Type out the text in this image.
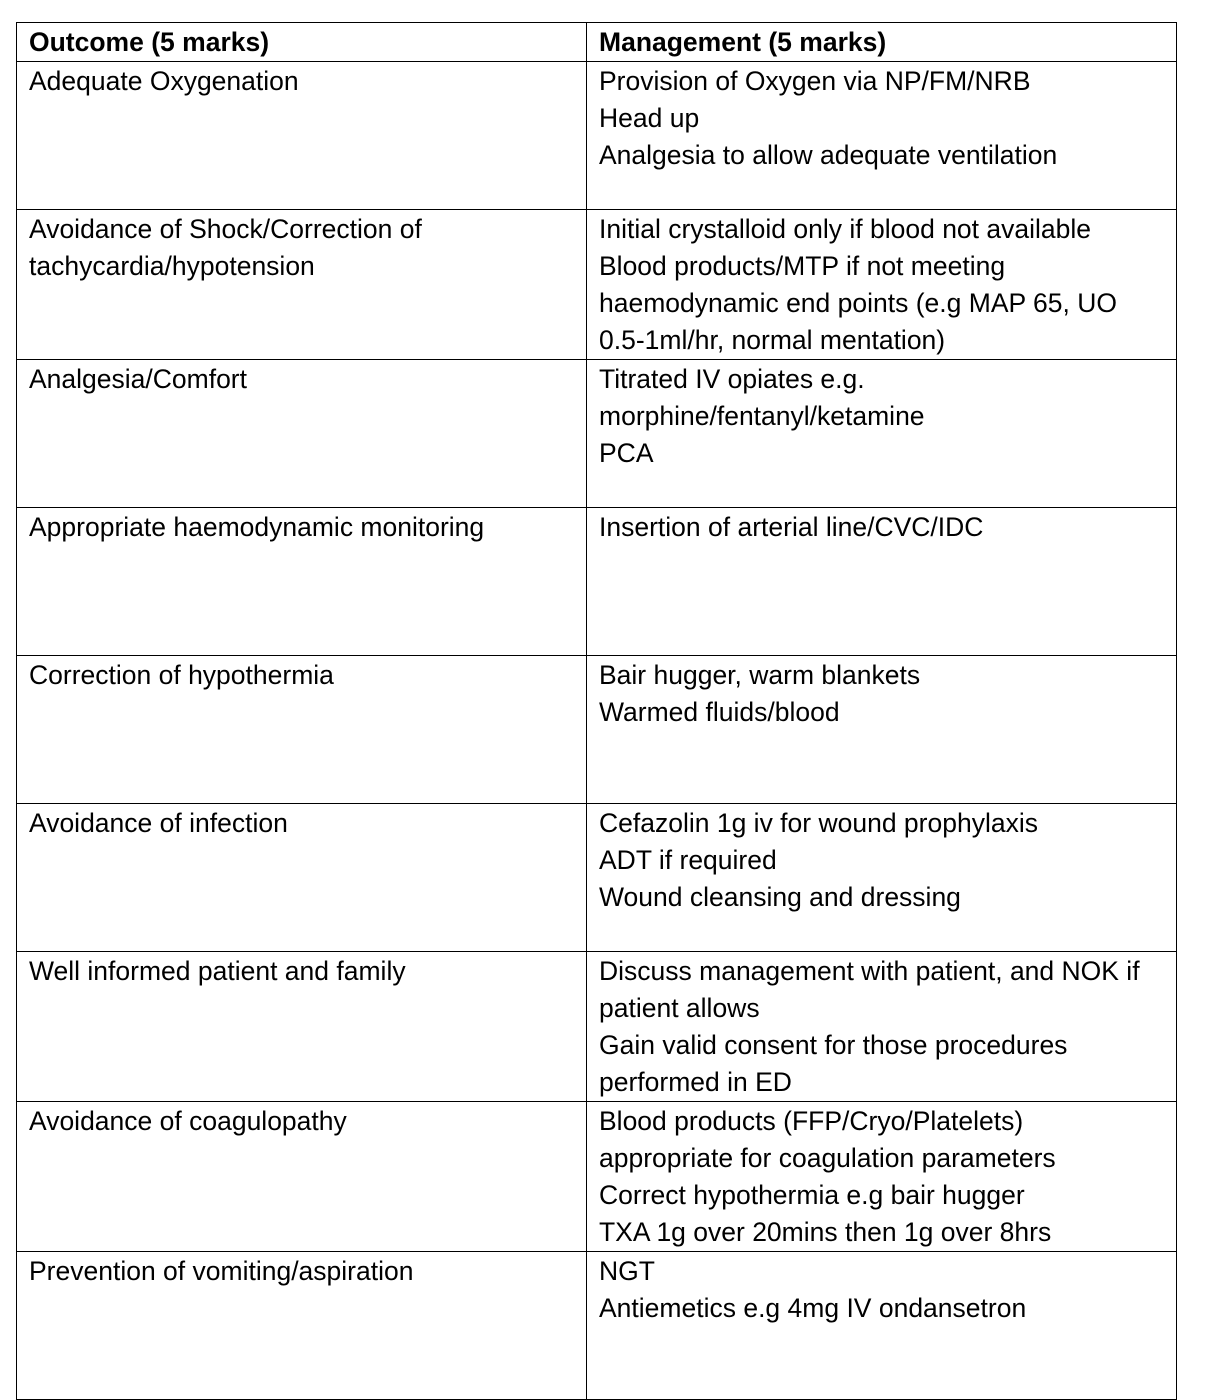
Outcome (5 marks)	Management (5 marks)

Adequate Oxygenation	Provision of Oxygen via NP/FM/NRB
Head up
Analgesia to allow adequate ventilation

Avoidance of Shock/Correction of
tachycardia/hypotension	Initial crystalloid only if blood not available
Blood products/MTP if not meeting
haemodynamic end points (e.g MAP 65, UO
0.5-1ml/hr, normal mentation)

Analgesia/Comfort	Titrated IV opiates e.g.
morphine/fentanyl/ketamine
PCA

Appropriate haemodynamic monitoring	Insertion of arterial line/CVC/IDC

Correction of hypothermia	Bair hugger, warm blankets
Warmed fluids/blood

Avoidance of infection	Cefazolin 1g iv for wound prophylaxis
ADT if required
Wound cleansing and dressing

Well informed patient and family	Discuss management with patient, and NOK if
patient allows
Gain valid consent for those procedures
performed in ED

Avoidance of coagulopathy	Blood products (FFP/Cryo/Platelets)
appropriate for coagulation parameters
Correct hypothermia e.g bair hugger
TXA 1g over 20mins then 1g over 8hrs

Prevention of vomiting/aspiration	NGT
Antiemetics e.g 4mg IV ondansetron
